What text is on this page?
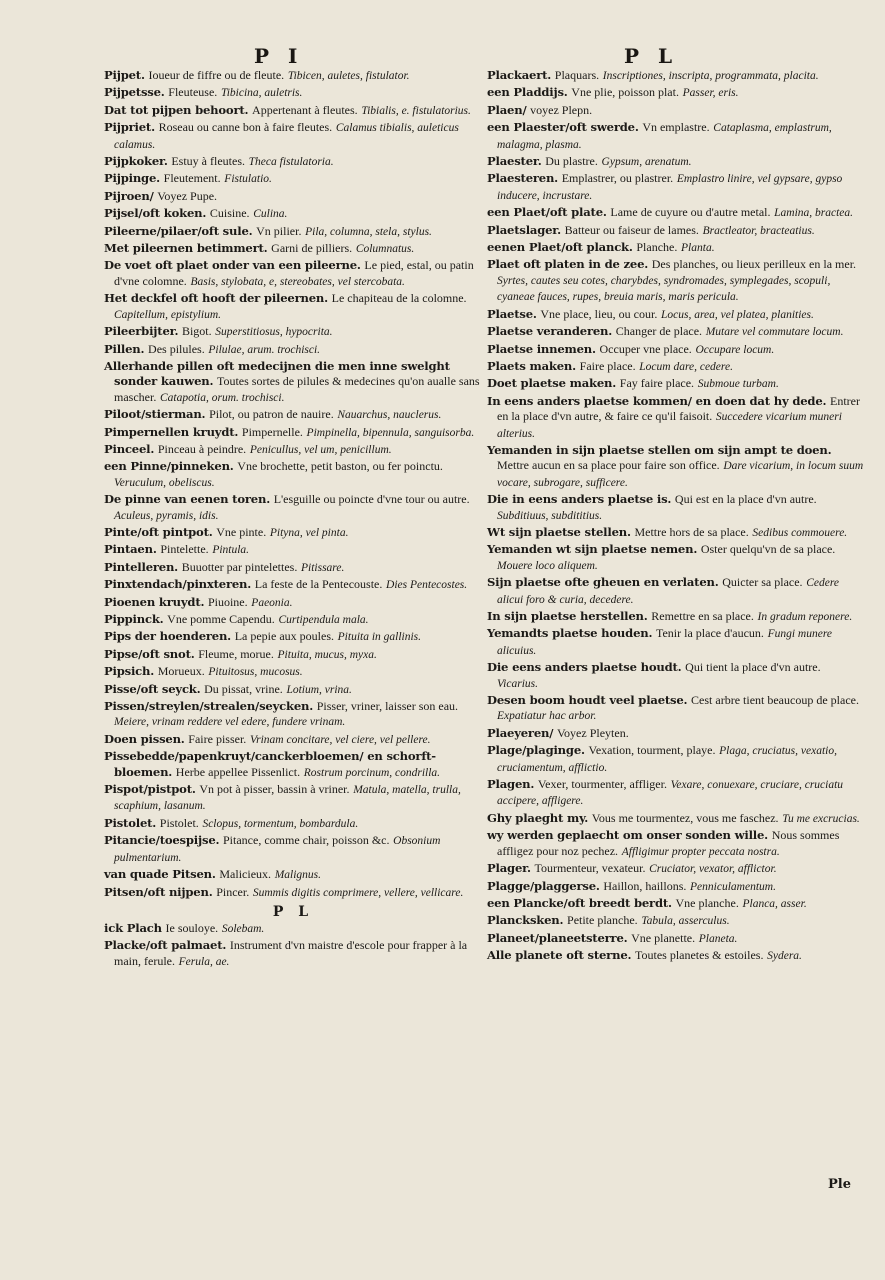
P I	P L
Pijpet. Ioueur de fiffre ou de fleute. Tibicen, auletes, fistulator.
Pijpetsse. Fleuteuse. Tibicina, auletris.
Dat tot pijpen behoort. Appertenant à fleutes. Tibialis, e. fistulatorius.
Pijpriet. Roseau ou canne bon à faire fleutes. Calamus tibialis, auleticus calamus.
Pijpkoker. Estuy à fleutes. Theca fistulatoria.
Pijpinge. Fleutement. Fistulatio.
Pijroen/ Voyez Pupe.
Pijsel/oft koken. Cuisine. Culina.
Pileerne/pilaer/oft sule. Vn pilier. Pila, columna, stela, stylus.
Met pileernen betimmert. Garni de pilliers. Columnatus.
De voet oft plaet onder van een pileerne. Le pied, estal, ou patin d'vne colomne. Basis, stylobata, e, stereobates, vel stercobata.
Het deckfel oft hooft der pileernen. Le chapiteau de la colomne. Capitellum, epistylium.
Pileerbijter. Bigot. Superstitiosus, hypocrita.
Pillen. Des pilules. Pilulae, arum. trochisci.
Allerhande pillen oft medecijnen die men inne swelght sonder kauwen. Toutes sortes de pilules & medecines qu'on aualle sans mascher. Catapotia, orum. trochisci.
Piloot/stierman. Pilot, ou patron de nauire. Nauarchus, nauclerus.
Pimpernellen kruydt. Pimpernelle. Pimpinella, bipennula, sanguisorba.
Pinceel. Pinceau à peindre. Penicullus, vel um, penicillum.
een Pinne/pinneken. Vne brochette, petit baston, ou fer poinctu. Veruculum, obeliscus.
De pinne van eenen toren. L'esguille ou poincte d'vne tour ou autre. Aculeus, pyramis, idis.
Pinte/oft pintpot. Vne pinte. Pityna, vel pinta.
Pintaen. Pintelette. Pintula.
Pintelleren. Buuotter par pintelettes. Pitissare.
Pinxtendach/pinxteren. La feste de la Pentecouste. Dies Pentecostes.
Pioenen kruydt. Piuoine. Paeonia.
Pippinck. Vne pomme Capendu. Curtipendula mala.
Pips der hoenderen. La pepie aux poules. Pituita in gallinis.
Pipse/oft snot. Fleume, morue. Pituita, mucus, myxa.
Pipsich. Morueux. Pituitosus, mucosus.
Pisse/oft seyck. Du pissat, vrine. Lotium, vrina.
Pissen/streylen/strealen/seycken. Pisser, vriner, laisser son eau. Meiere, vrinam reddere vel edere, fundere vrinam.
Doen pissen. Faire pisser. Vrinam concitare, vel ciere, vel pellere.
Pissebedde/papenkruyt/canckerbloemen/ en schorft-bloemen. Herbe appellee Pissenlict. Rostrum porcinum, condrilla.
Pispot/pistpot. Vn pot à pisser, bassin à vriner. Matula, matella, trulla, scaphium, lasanum.
Pistolet. Pistolet. Sclopus, tormentum, bombardula.
Pitancie/toespijse. Pitance, comme chair, poisson &c. Obsonium pulmentarium.
van quade Pitsen. Malicieux. Malignus.
Pitsen/oft nijpen. Pincer. Summis digitis comprimere, vellere, vellicare.
P L
ick Plach Ie souloye. Solebam.
Placke/oft palmaet. Instrument d'vn maistre d'escole pour frapper à la main, ferule. Ferula, ae.
Plackaert. Plaquars. Inscriptiones, inscripta, programmata, placita.
een Pladdijs. Vne plie, poisson plat. Passer, eris.
Plaen/ voyez Plepn.
een Plaester/oft swerde. Vn emplastre. Cataplasma, emplastrum, malagma, plasma.
Plaester. Du plastre. Gypsum, arenatum.
Plaesteren. Emplastrer, ou plastrer. Emplastro linire, vel gypsare, gypso inducere, incrustare.
een Plaet/oft plate. Lame de cuyure ou d'autre metal. Lamina, bractea.
Plaetslager. Batteur ou faiseur de lames. Bractleator, bracteatius.
eenen Plaet/oft planck. Planche. Planta.
Plaet oft platen in de zee. Des planches, ou lieux perilleux en la mer. Syrtes, cautes seu cotes, charybdes, syndromades, symplegades, scopuli, cyaneae fauces, rupes, breuia maris, maris pericula.
Plaetse. Vne place, lieu, ou cour. Locus, area, vel platea, planities.
Plaetse veranderen. Changer de place. Mutare vel commutare locum.
Plaetse innemen. Occuper vne place. Occupare locum.
Plaets maken. Faire place. Locum dare, cedere.
Doet plaetse maken. Fay faire place. Submoue turbam.
In eens anders plaetse kommen/ en doen dat hy dede. Entrer en la place d'vn autre, & faire ce qu'il faisoit. Succedere vicarium muneri alterius.
Yemanden in sijn plaetse stellen om sijn ampt te doen. Mettre aucun en sa place pour faire son office. Dare vicarium, in locum suum vocare, subrogare, sufficere.
Die in eens anders plaetse is. Qui est en la place d'vn autre. Subditiuus, subdititius.
Wt sijn plaetse stellen. Mettre hors de sa place. Sedibus commouere.
Yemanden wt sijn plaetse nemen. Oster quelqu'vn de sa place. Mouere loco aliquem.
Sijn plaetse ofte gheuen en verlaten. Quicter sa place. Cedere alicui foro & curia, decedere.
In sijn plaetse herstellen. Remettre en sa place. In gradum reponere.
Yemandts plaetse houden. Tenir la place d'aucun. Fungi munere alicuius.
Die eens anders plaetse houdt. Qui tient la place d'vn autre. Vicarius.
Desen boom houdt veel plaetse. Cest arbre tient beaucoup de place. Expatiatur hac arbor.
Plaeyeren/ Voyez Pleyten.
Plage/plaginge. Vexation, tourment, playe. Plaga, cruciatus, vexatio, cruciamentum, afflictio.
Plagen. Vexer, tourmenter, affliger. Vexare, conuexare, cruciare, cruciatu accipere, affligere.
Ghy plaeght my. Vous me tourmentez, vous me faschez. Tu me excrucias.
wy werden geplaecht om onser sonden wille. Nous sommes affligez pour noz pechez. Affligimur propter peccata nostra.
Plager. Tourmenteur, vexateur. Cruciator, vexator, afflictor.
Plagge/plaggerse. Haillon, haillons. Penniculamentum.
een Plancke/oft breedt berdt. Vne planche. Planca, asser.
Plancksken. Petite planche. Tabula, asserculus.
Planeet/planeetsterre. Vne planette. Planeta.
Alle planete oft sterne. Toutes planetes & estoiles. Sydera.
Ple
